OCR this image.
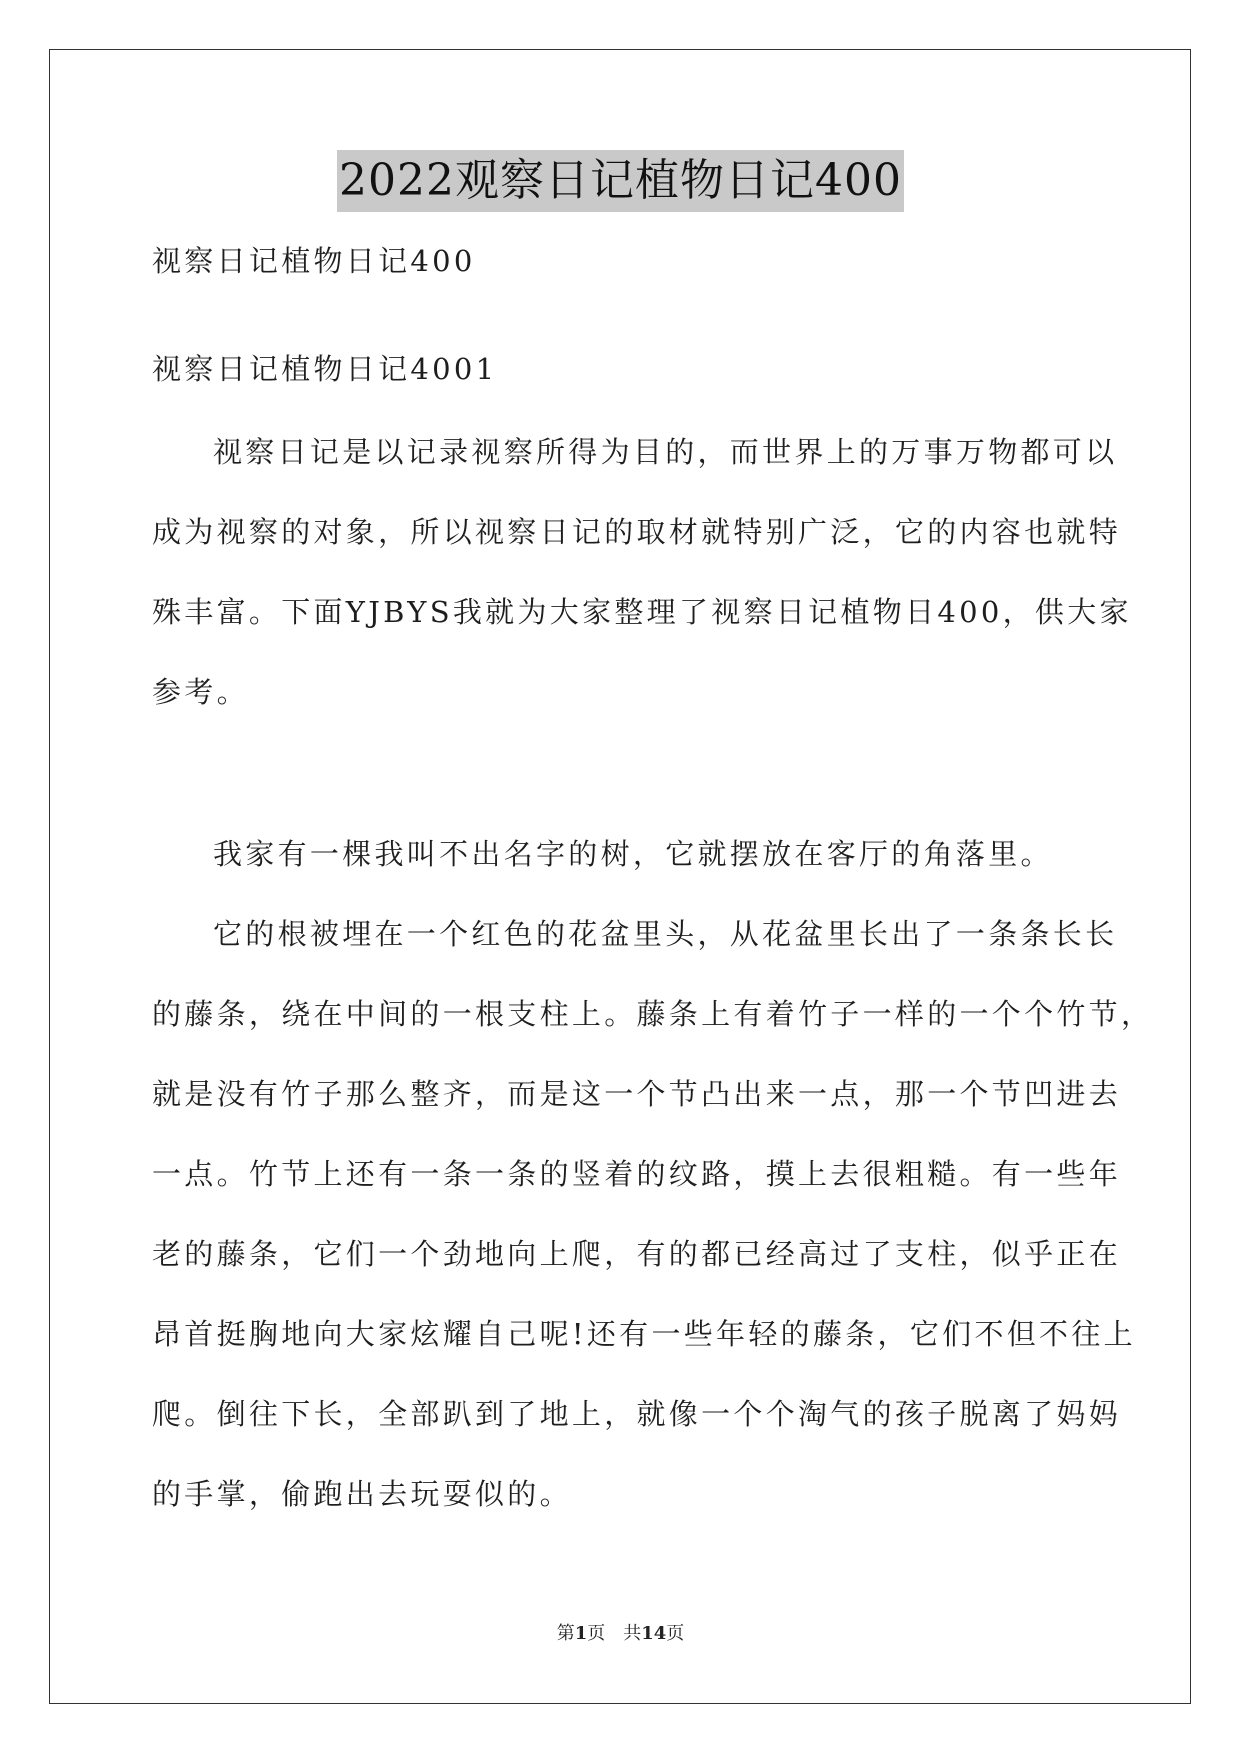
2022观察日记植物日记400
视察日记植物日记400
视察日记植物日记4001
视察日记是以记录视察所得为目的，而世界上的万事万物都可以
成为视察的对象，所以视察日记的取材就特别广泛，它的内容也就特
殊丰富。下面YJBYS我就为大家整理了视察日记植物日400，供大家
参考。
我家有一棵我叫不出名字的树，它就摆放在客厅的角落里。
它的根被埋在一个红色的花盆里头，从花盆里长出了一条条长长
的藤条，绕在中间的一根支柱上。藤条上有着竹子一样的一个个竹节，
就是没有竹子那么整齐，而是这一个节凸出来一点，那一个节凹进去
一点。竹节上还有一条一条的竖着的纹路，摸上去很粗糙。有一些年
老的藤条，它们一个劲地向上爬，有的都已经高过了支柱，似乎正在
昂首挺胸地向大家炫耀自己呢!还有一些年轻的藤条，它们不但不往上
爬。倒往下长，全部趴到了地上，就像一个个淘气的孩子脱离了妈妈
的手掌，偷跑出去玩耍似的。
第1页 共14页
